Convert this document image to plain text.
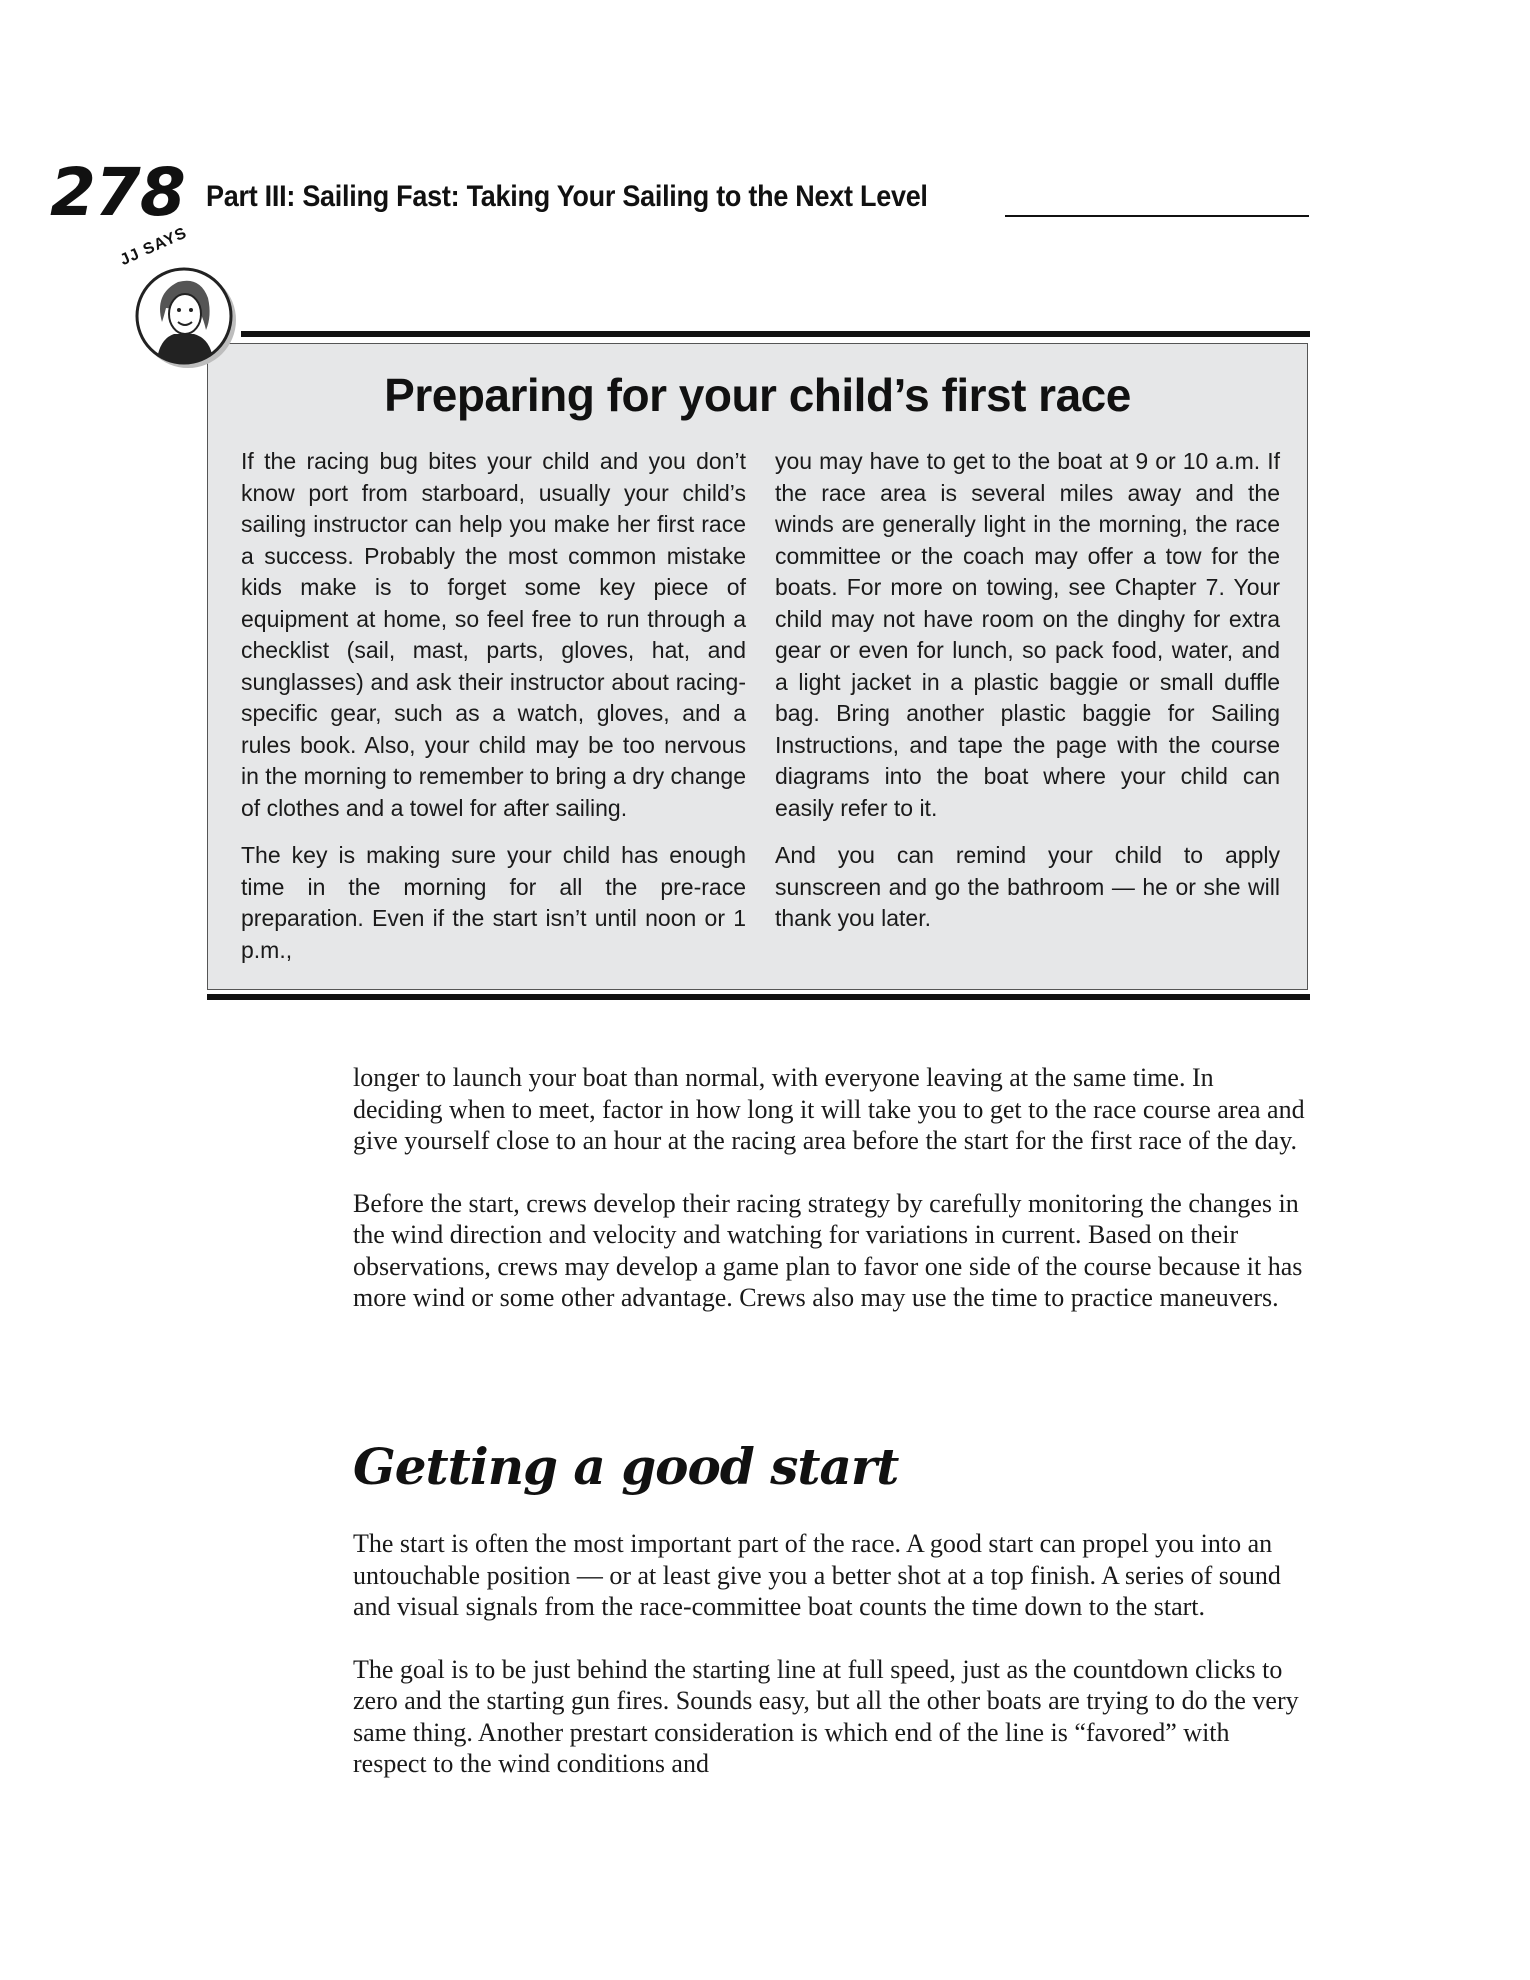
278 Part III: Sailing Fast: Taking Your Sailing to the Next Level
JJ SAYS
Preparing for your child’s first race

If the racing bug bites your child and you don’t know port from starboard, usually your child’s sailing instructor can help you make her first race a success. Probably the most common mistake kids make is to forget some key piece of equipment at home, so feel free to run through a checklist (sail, mast, parts, gloves, hat, and sunglasses) and ask their instructor about racing-specific gear, such as a watch, gloves, and a rules book. Also, your child may be too nervous in the morning to remember to bring a dry change of clothes and a towel for after sailing.

The key is making sure your child has enough time in the morning for all the pre-race preparation. Even if the start isn’t until noon or 1 p.m.,

you may have to get to the boat at 9 or 10 a.m. If the race area is several miles away and the winds are generally light in the morning, the race committee or the coach may offer a tow for the boats. For more on towing, see Chapter 7. Your child may not have room on the dinghy for extra gear or even for lunch, so pack food, water, and a light jacket in a plastic baggie or small duffle bag. Bring another plastic baggie for Sailing Instructions, and tape the page with the course diagrams into the boat where your child can easily refer to it.

And you can remind your child to apply sunscreen and go the bathroom — he or she will thank you later.

longer to launch your boat than normal, with everyone leaving at the same time. In deciding when to meet, factor in how long it will take you to get to the race course area and give yourself close to an hour at the racing area before the start for the first race of the day.

Before the start, crews develop their racing strategy by carefully monitoring the changes in the wind direction and velocity and watching for variations in current. Based on their observations, crews may develop a game plan to favor one side of the course because it has more wind or some other advantage. Crews also may use the time to practice maneuvers.

Getting a good start

The start is often the most important part of the race. A good start can propel you into an untouchable position — or at least give you a better shot at a top finish. A series of sound and visual signals from the race-committee boat counts the time down to the start.

The goal is to be just behind the starting line at full speed, just as the countdown clicks to zero and the starting gun fires. Sounds easy, but all the other boats are trying to do the very same thing. Another prestart consideration is which end of the line is “favored” with respect to the wind conditions and
